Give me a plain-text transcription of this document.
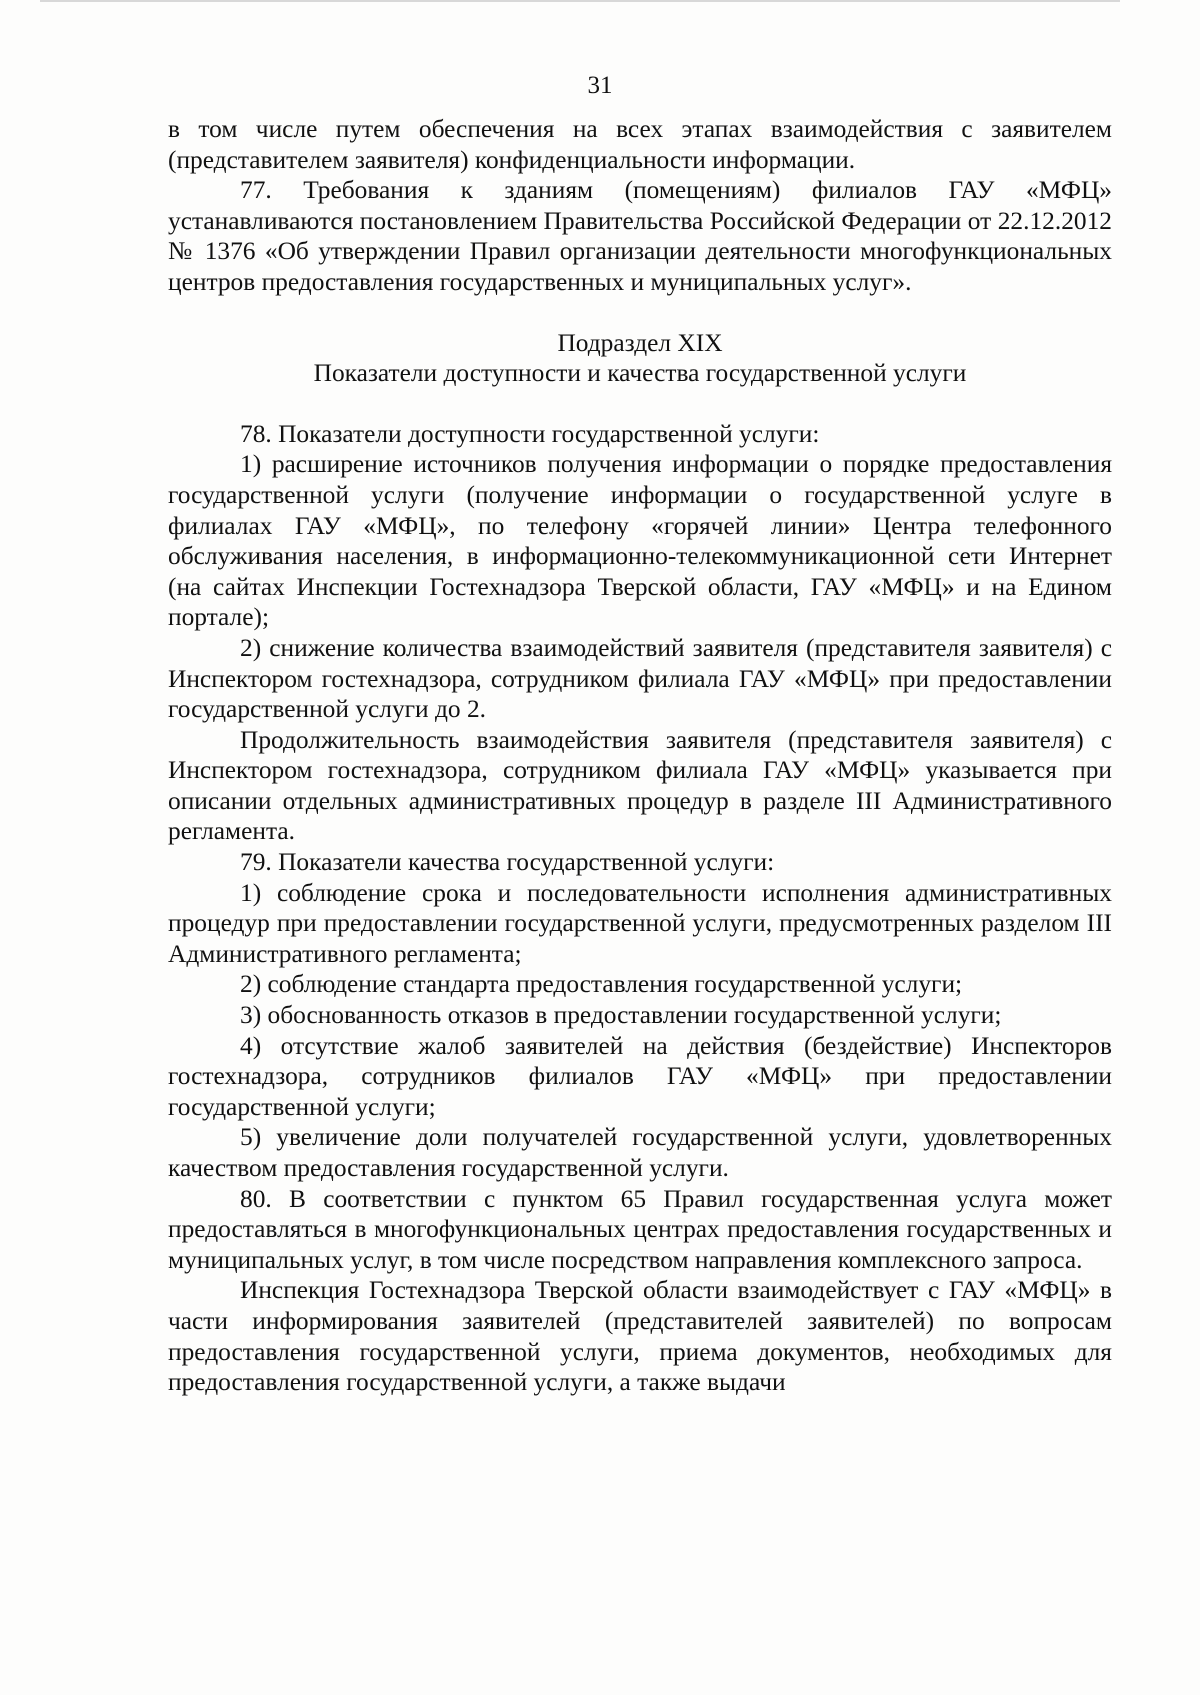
31

в том числе путем обеспечения на всех этапах взаимодействия с заявителем (представителем заявителя) конфиденциальности информации.

77. Требования к зданиям (помещениям) филиалов ГАУ «МФЦ» устанавливаются постановлением Правительства Российской Федерации от 22.12.2012 № 1376 «Об утверждении Правил организации деятельности многофункциональных центров предоставления государственных и муниципальных услуг».

Подраздел XIX
Показатели доступности и качества государственной услуги

78. Показатели доступности государственной услуги:

1) расширение источников получения информации о порядке предоставления государственной услуги (получение информации о государственной услуге в филиалах ГАУ «МФЦ», по телефону «горячей линии» Центра телефонного обслуживания населения, в информационно-телекоммуникационной сети Интернет (на сайтах Инспекции Гостехнадзора Тверской области, ГАУ «МФЦ» и на Едином портале);

2) снижение количества взаимодействий заявителя (представителя заявителя) с Инспектором гостехнадзора, сотрудником филиала ГАУ «МФЦ» при предоставлении государственной услуги до 2.

Продолжительность взаимодействия заявителя (представителя заявителя) с Инспектором гостехнадзора, сотрудником филиала ГАУ «МФЦ» указывается при описании отдельных административных процедур в разделе III Административного регламента.

79. Показатели качества государственной услуги:

1) соблюдение срока и последовательности исполнения административных процедур при предоставлении государственной услуги, предусмотренных разделом III Административного регламента;

2) соблюдение стандарта предоставления государственной услуги;

3) обоснованность отказов в предоставлении государственной услуги;

4) отсутствие жалоб заявителей на действия (бездействие) Инспекторов гостехнадзора, сотрудников филиалов ГАУ «МФЦ» при предоставлении государственной услуги;

5) увеличение доли получателей государственной услуги, удовлетворенных качеством предоставления государственной услуги.

80. В соответствии с пунктом 65 Правил государственная услуга может предоставляться в многофункциональных центрах предоставления государственных и муниципальных услуг, в том числе посредством направления комплексного запроса.

Инспекция Гостехнадзора Тверской области взаимодействует с ГАУ «МФЦ» в части информирования заявителей (представителей заявителей) по вопросам предоставления государственной услуги, приема документов, необходимых для предоставления государственной услуги, а также выдачи
